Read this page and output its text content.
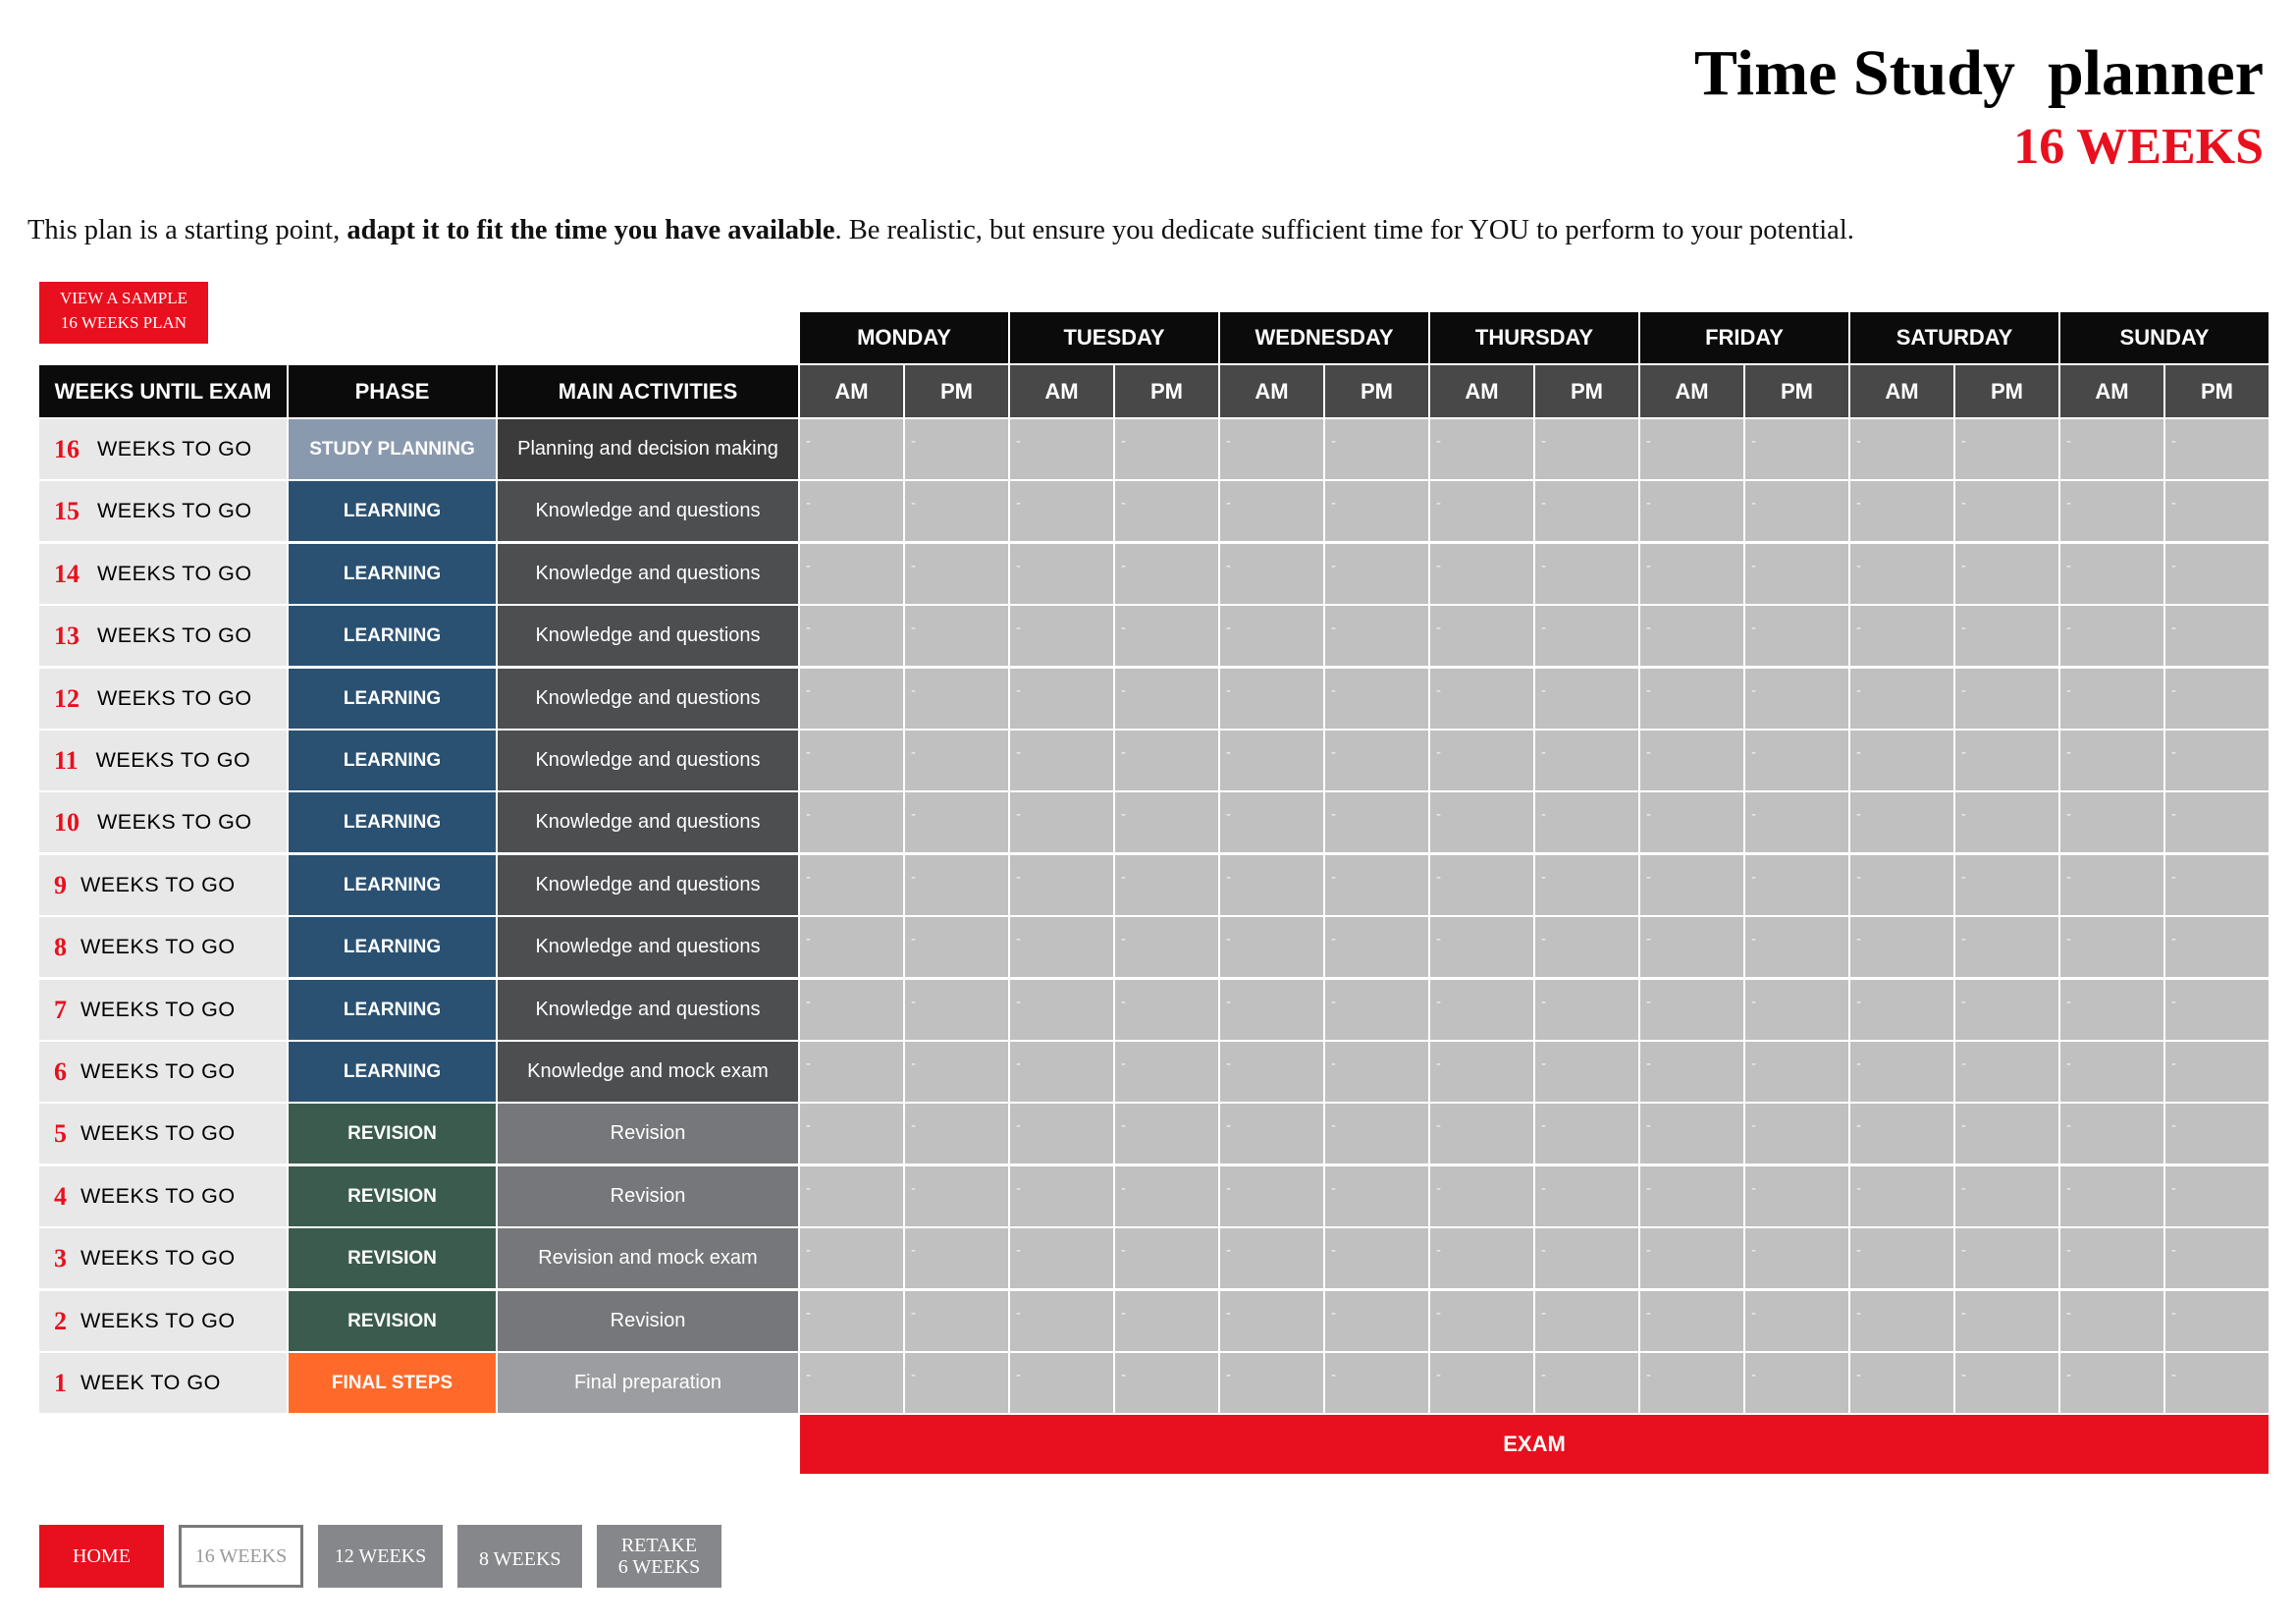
Time Study  planner
16 WEEKS
This plan is a starting point, adapt it to fit the time you have available. Be realistic, but ensure you dedicate sufficient time for YOU to perform to your potential.
VIEW A SAMPLE
16 WEEKS PLAN
MONDAY	TUESDAY	WEDNESDAY	THURSDAY	FRIDAY	SATURDAY	SUNDAY
WEEKS UNTIL EXAM	PHASE	MAIN ACTIVITIES	AM	PM	AM	PM	AM	PM	AM	PM	AM	PM	AM	PM	AM	PM
16 WEEKS TO GO	STUDY PLANNING	Planning and decision making	-	-	-	-	-	-	-	-	-	-	-	-	-	-
15 WEEKS TO GO	LEARNING	Knowledge and questions	-	-	-	-	-	-	-	-	-	-	-	-	-	-
14 WEEKS TO GO	LEARNING	Knowledge and questions	-	-	-	-	-	-	-	-	-	-	-	-	-	-
13 WEEKS TO GO	LEARNING	Knowledge and questions	-	-	-	-	-	-	-	-	-	-	-	-	-	-
12 WEEKS TO GO	LEARNING	Knowledge and questions	-	-	-	-	-	-	-	-	-	-	-	-	-	-
11 WEEKS TO GO	LEARNING	Knowledge and questions	-	-	-	-	-	-	-	-	-	-	-	-	-	-
10 WEEKS TO GO	LEARNING	Knowledge and questions	-	-	-	-	-	-	-	-	-	-	-	-	-	-
9 WEEKS TO GO	LEARNING	Knowledge and questions	-	-	-	-	-	-	-	-	-	-	-	-	-	-
8 WEEKS TO GO	LEARNING	Knowledge and questions	-	-	-	-	-	-	-	-	-	-	-	-	-	-
7 WEEKS TO GO	LEARNING	Knowledge and questions	-	-	-	-	-	-	-	-	-	-	-	-	-	-
6 WEEKS TO GO	LEARNING	Knowledge and mock exam	-	-	-	-	-	-	-	-	-	-	-	-	-	-
5 WEEKS TO GO	REVISION	Revision	-	-	-	-	-	-	-	-	-	-	-	-	-	-
4 WEEKS TO GO	REVISION	Revision	-	-	-	-	-	-	-	-	-	-	-	-	-	-
3 WEEKS TO GO	REVISION	Revision and mock exam	-	-	-	-	-	-	-	-	-	-	-	-	-	-
2 WEEKS TO GO	REVISION	Revision	-	-	-	-	-	-	-	-	-	-	-	-	-	-
1 WEEK TO GO	FINAL STEPS	Final preparation	-	-	-	-	-	-	-	-	-	-	-	-	-	-
EXAM
HOME	16 WEEKS	12 WEEKS	8 WEEKS
RETAKE
6 WEEKS
